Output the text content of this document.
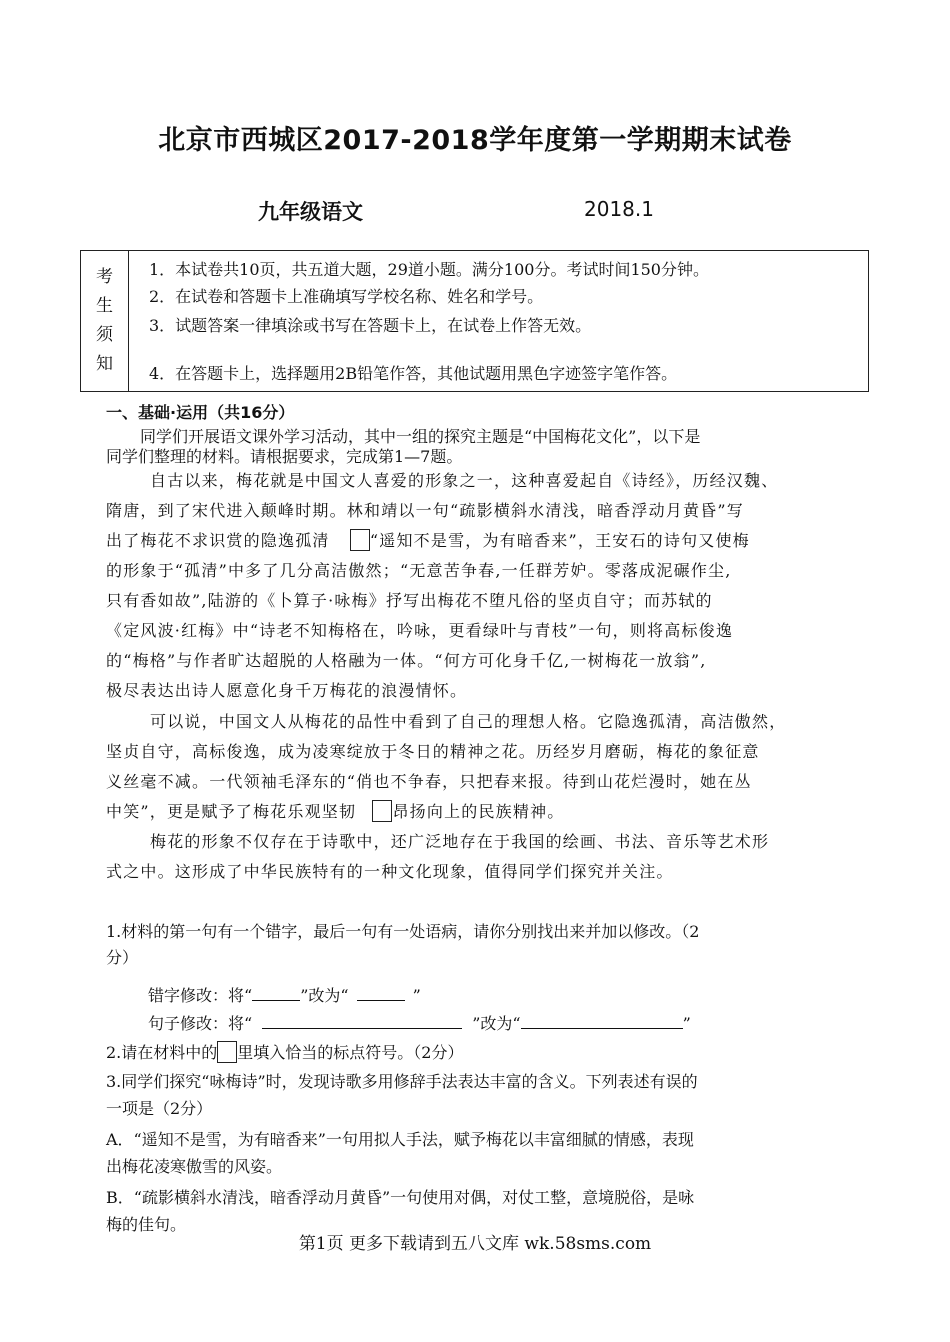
北京市西城区2017-2018学年度第一学期期末试卷
九年级语文	2018.1
考
生
须
知
1．本试卷共10页，共五道大题，29道小题。满分100分。考试时间150分钟。
2．在试卷和答题卡上准确填写学校名称、姓名和学号。
3．试题答案一律填涂或书写在答题卡上，在试卷上作答无效。
4．在答题卡上，选择题用2B铅笔作答，其他试题用黑色字迹签字笔作答。
一、基础·运用（共16分）
同学们开展语文课外学习活动，其中一组的探究主题是“中国梅花文化”，以下是
同学们整理的材料。请根据要求，完成第1—7题。
自古以来，梅花就是中国文人喜爱的形象之一，这种喜爱起自《诗经》，历经汉魏、
隋唐，到了宋代进入颠峰时期。林和靖以一句“疏影横斜水清浅，暗香浮动月黄昏”写
出了梅花不求识赏的隐逸孤清	“遥知不是雪，为有暗香来”，王安石的诗句又使梅
的形象于“孤清”中多了几分高洁傲然；“无意苦争春,一任群芳妒。零落成泥碾作尘,
只有香如故”,陆游的《卜算子·咏梅》抒写出梅花不堕凡俗的坚贞自守；而苏轼的
《定风波·红梅》中“诗老不知梅格在，吟咏，更看绿叶与青枝”一句，则将高标俊逸
的“梅格”与作者旷达超脱的人格融为一体。“何方可化身千亿,一树梅花一放翁”,
极尽表达出诗人愿意化身千万梅花的浪漫情怀。
可以说，中国文人从梅花的品性中看到了自己的理想人格。它隐逸孤清，高洁傲然，
坚贞自守，高标俊逸，成为凌寒绽放于冬日的精神之花。历经岁月磨砺，梅花的象征意
义丝毫不减。一代领袖毛泽东的“俏也不争春，只把春来报。待到山花烂漫时，她在丛
中笑”，更是赋予了梅花乐观坚韧 昂扬向上的民族精神。
梅花的形象不仅存在于诗歌中，还广泛地存在于我国的绘画、书法、音乐等艺术形
式之中。这形成了中华民族特有的一种文化现象，值得同学们探究并关注。
1.材料的第一句有一个错字，最后一句有一处语病，请你分别找出来并加以修改。（2
分）
错字修改：将“	”改为“	”
句子修改：将“	”改为“	”
2.请在材料中的 里填入恰当的标点符号。（2分）
3.同学们探究“咏梅诗”时，发现诗歌多用修辞手法表达丰富的含义。下列表述有误的
一项是（2分）
A．“遥知不是雪，为有暗香来”一句用拟人手法，赋予梅花以丰富细腻的情感，表现
出梅花凌寒傲雪的风姿。
B．“疏影横斜水清浅，暗香浮动月黄昏”一句使用对偶，对仗工整，意境脱俗，是咏
梅的佳句。
第1页 更多下载请到五八文库 wk.58sms.com
